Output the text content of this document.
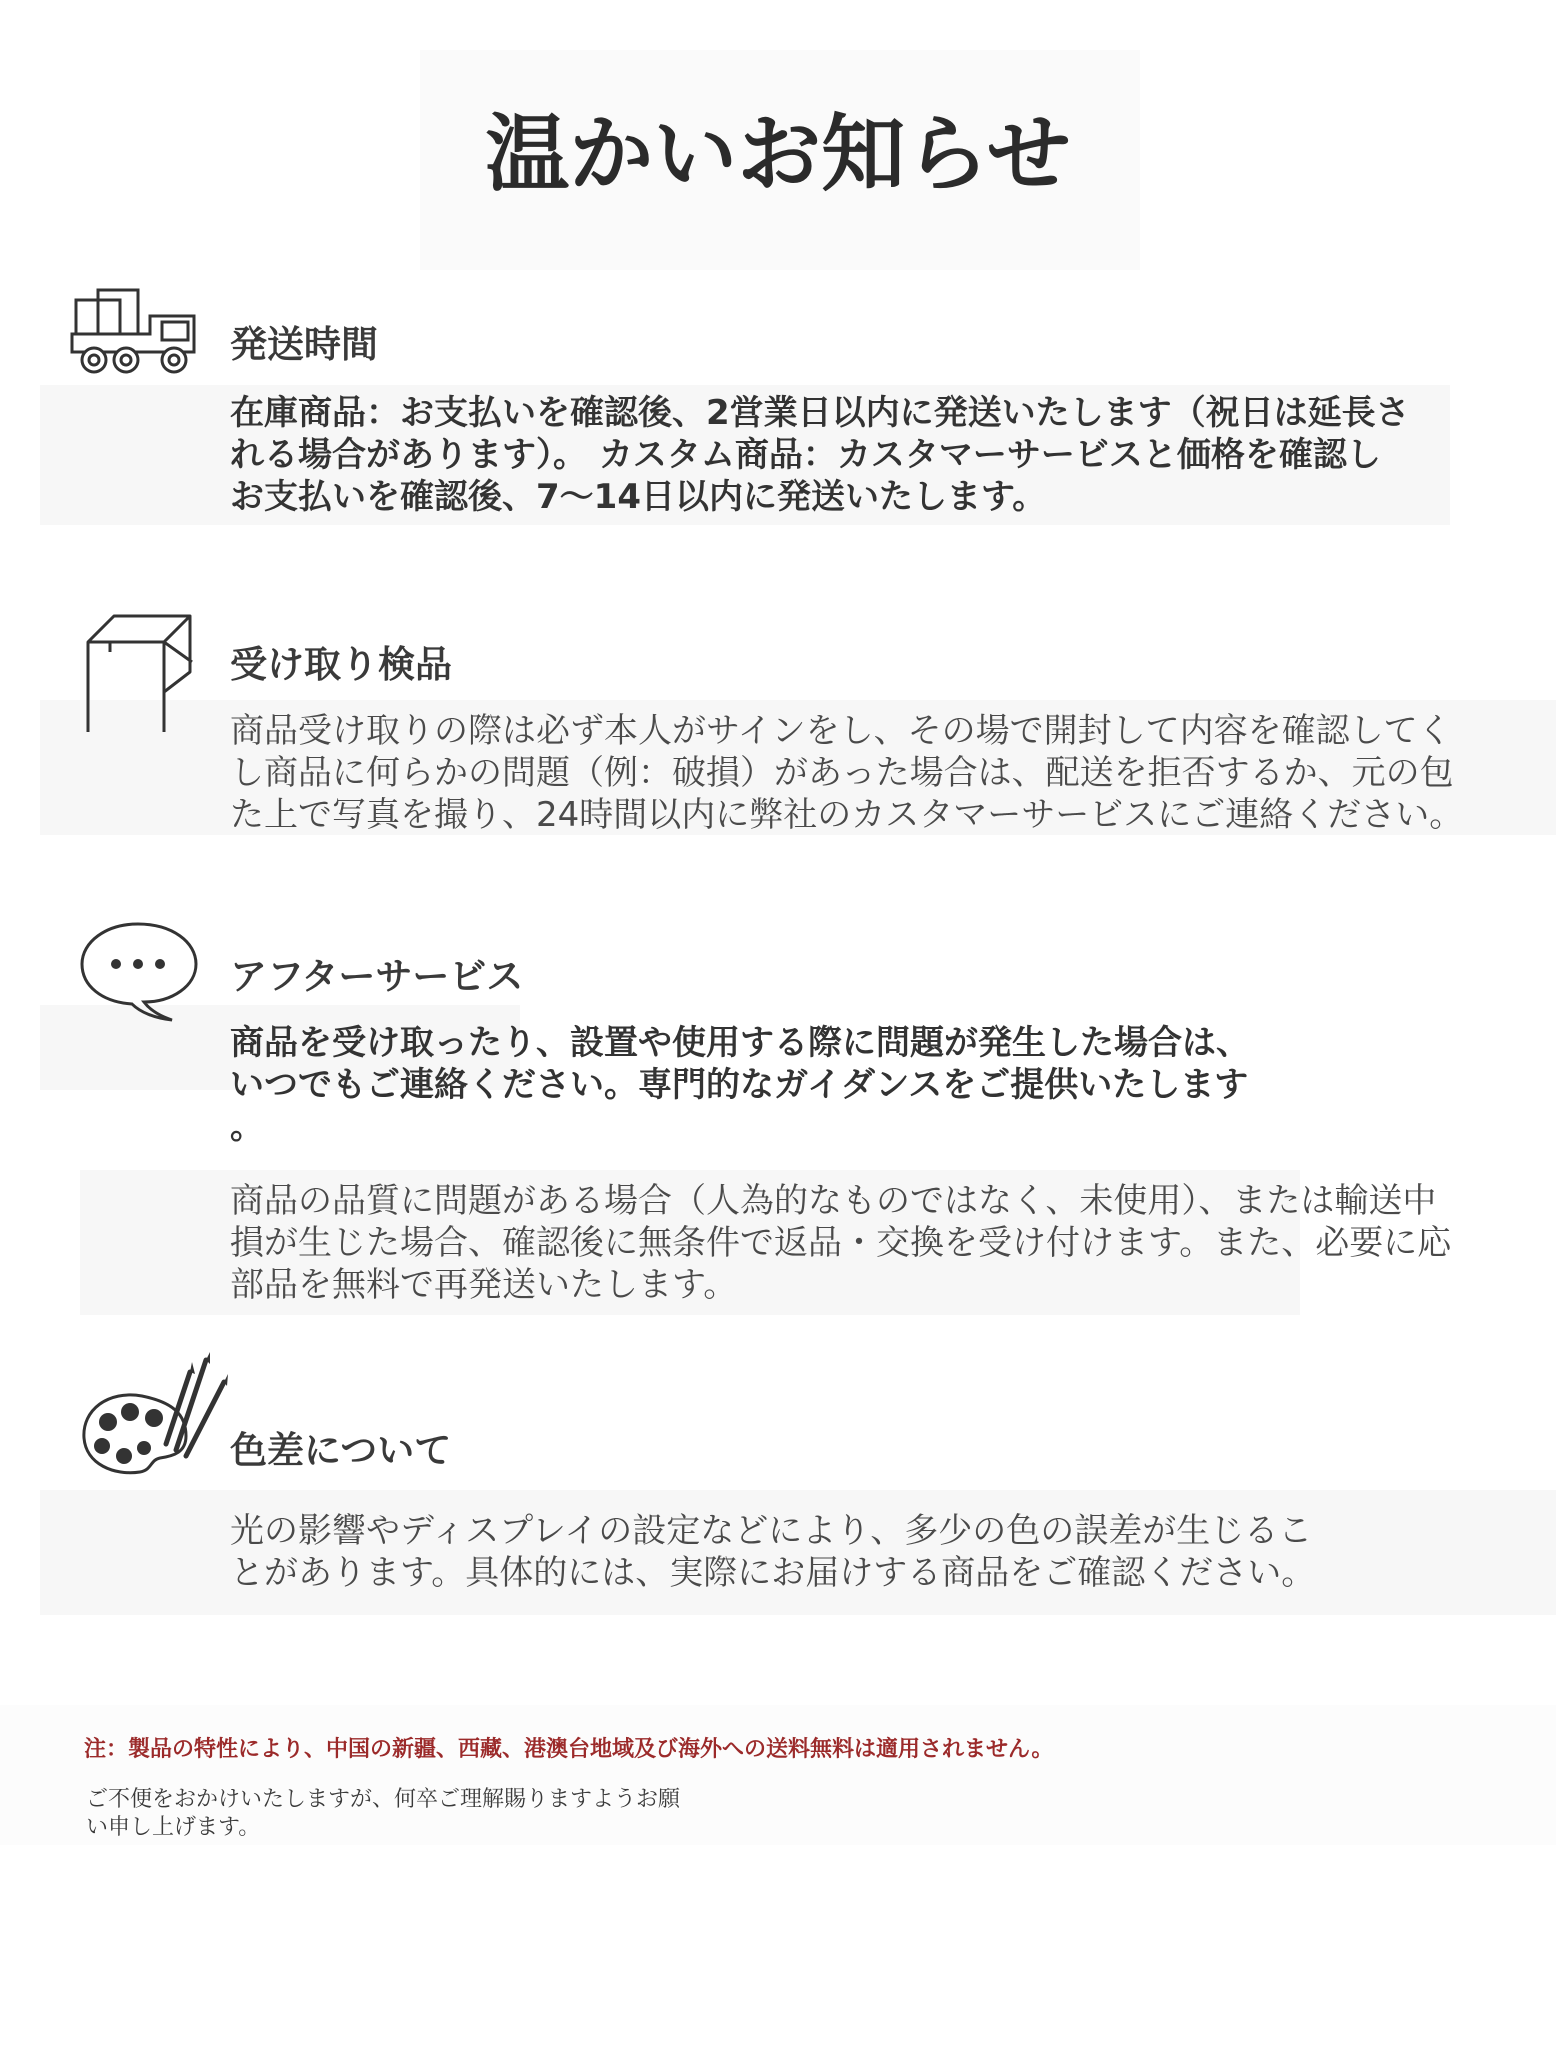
温かいお知らせ
発送時間
在庫商品：お支払いを確認後、2営業日以内に発送いたします（祝日は延長さ
れる場合があります）。 カスタム商品：カスタマーサービスと価格を確認し
お支払いを確認後、7〜14日以内に発送いたします。
受け取り検品
商品受け取りの際は必ず本人がサインをし、その場で開封して内容を確認してく
し商品に何らかの問題（例：破損）があった場合は、配送を拒否するか、元の包
た上で写真を撮り、24時間以内に弊社のカスタマーサービスにご連絡ください。
アフターサービス
商品を受け取ったり、設置や使用する際に問題が発生した場合は、
いつでもご連絡ください。専門的なガイダンスをご提供いたします
。
商品の品質に問題がある場合（人為的なものではなく、未使用）、または輸送中
損が生じた場合、確認後に無条件で返品・交換を受け付けます。また、必要に応
部品を無料で再発送いたします。
色差について
光の影響やディスプレイの設定などにより、多少の色の誤差が生じるこ
とがあります。具体的には、実際にお届けする商品をご確認ください。
注：製品の特性により、中国の新疆、西藏、港澳台地域及び海外への送料無料は適用されません。
ご不便をおかけいたしますが、何卒ご理解賜りますようお願
い申し上げます。
